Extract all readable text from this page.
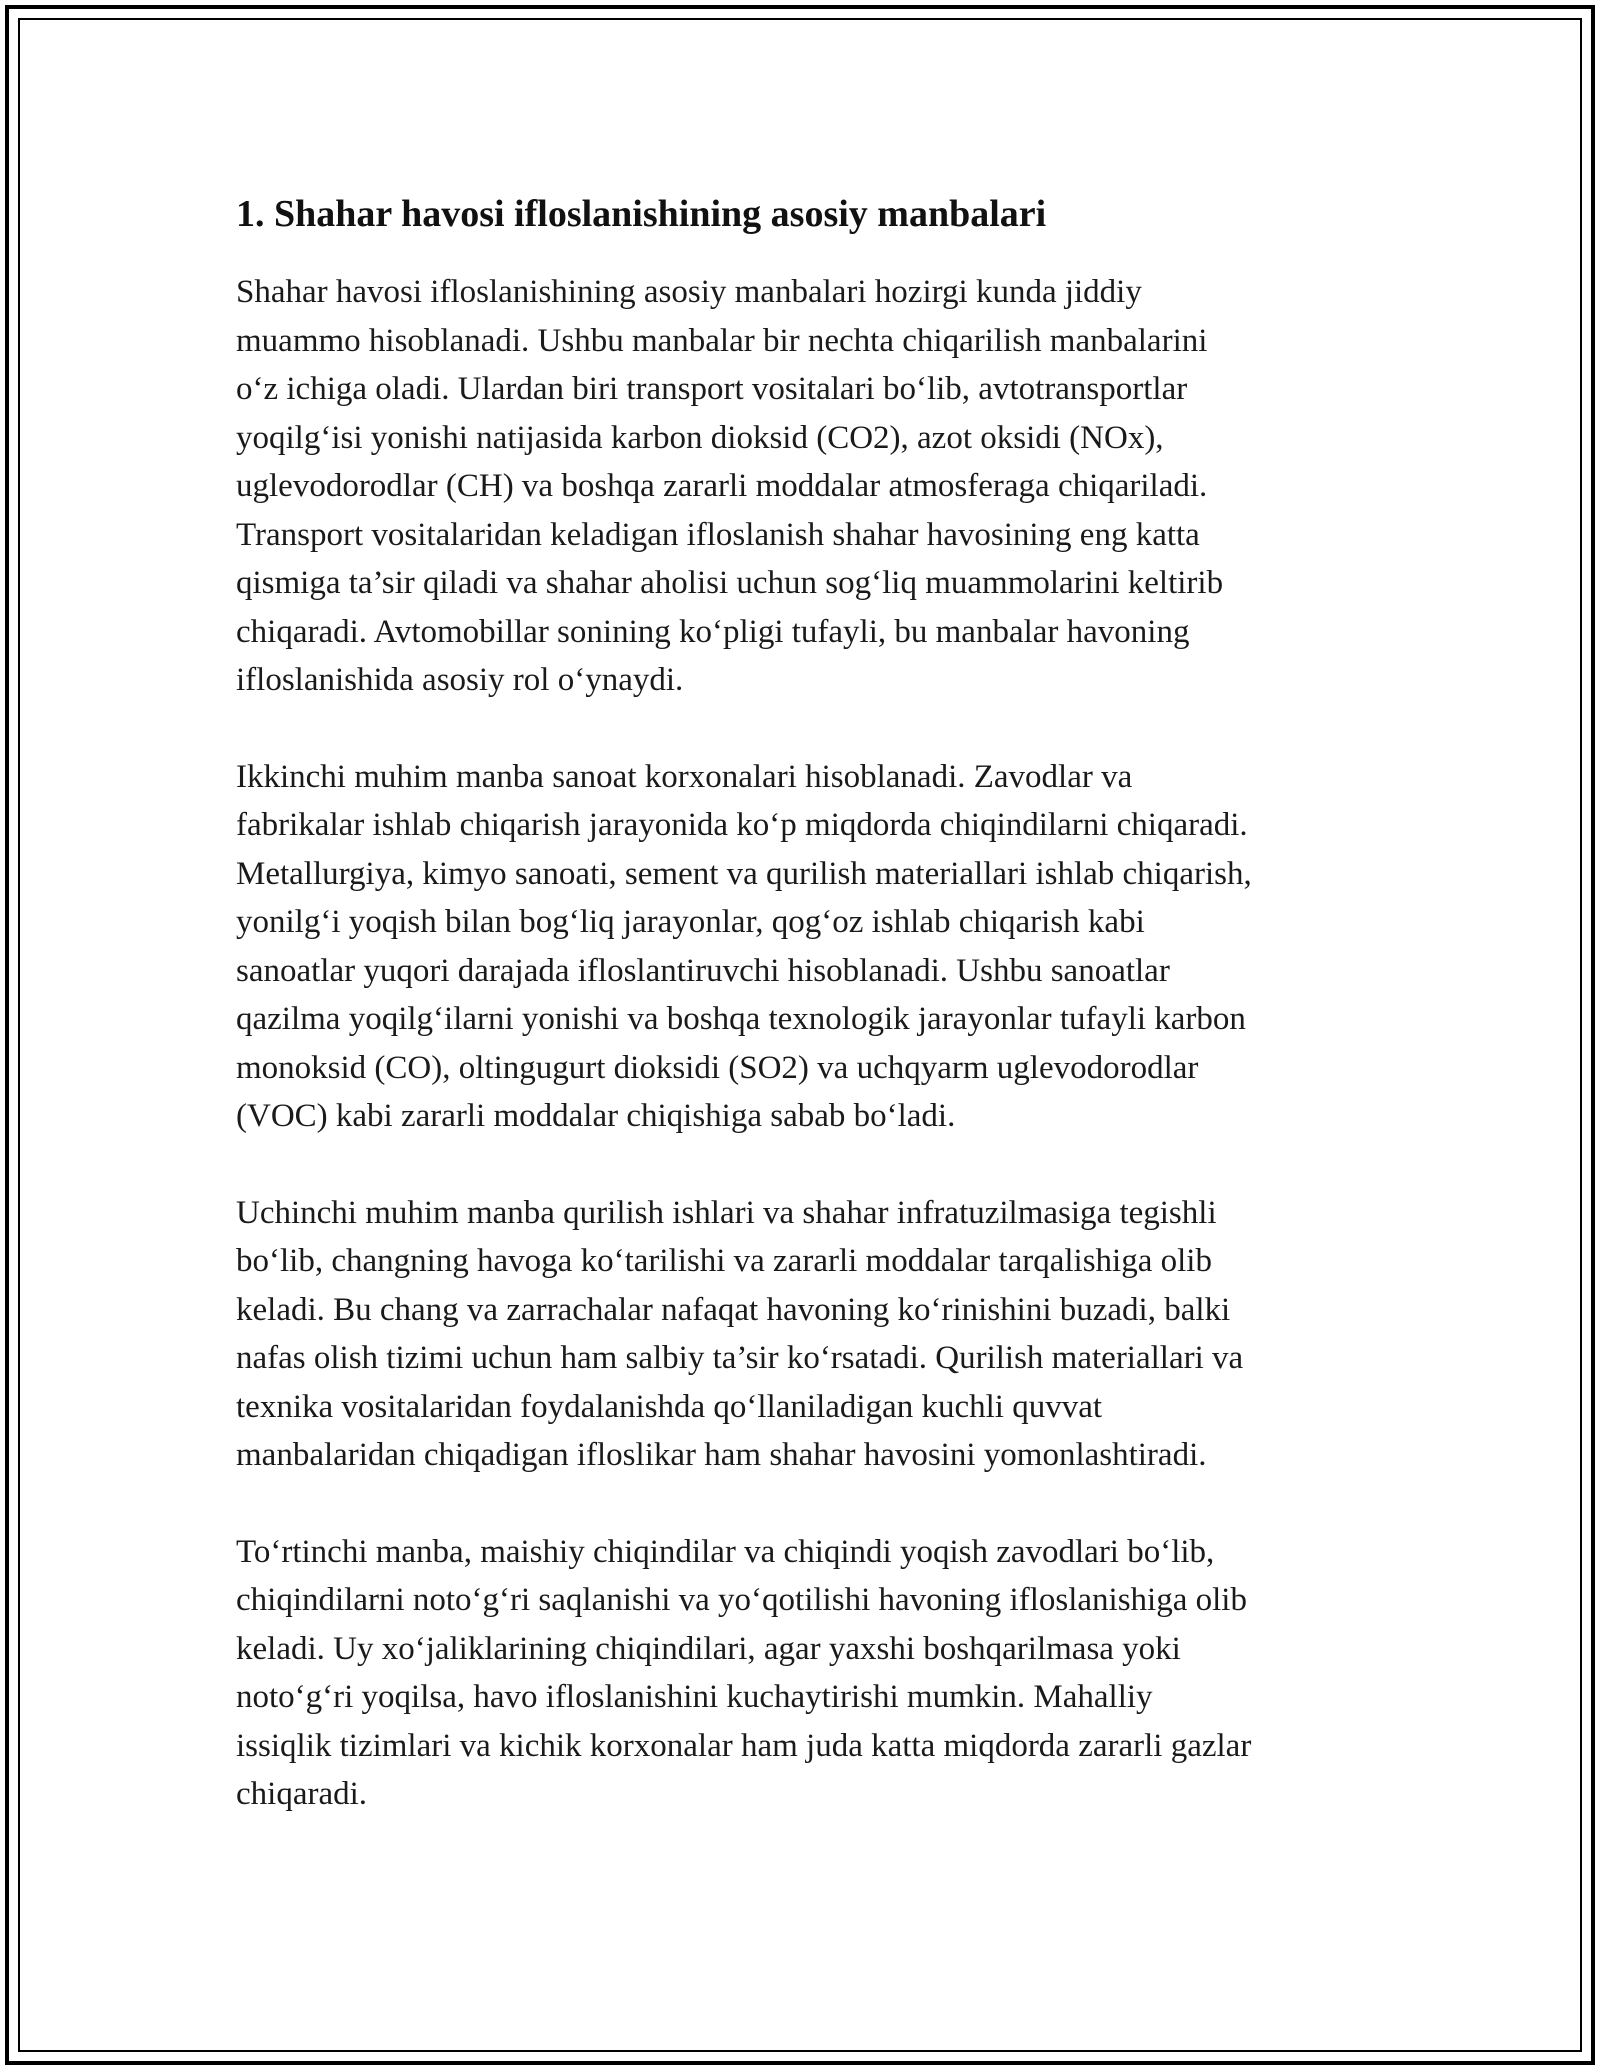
1. Shahar havosi ifloslanishining asosiy manbalari

Shahar havosi ifloslanishining asosiy manbalari hozirgi kunda jiddiy
muammo hisoblanadi. Ushbu manbalar bir nechta chiqarilish manbalarini
o‘z ichiga oladi. Ulardan biri transport vositalari bo‘lib, avtotransportlar
yoqilg‘isi yonishi natijasida karbon dioksid (CO2), azot oksidi (NOx),
uglevodorodlar (CH) va boshqa zararli moddalar atmosferaga chiqariladi.
Transport vositalaridan keladigan ifloslanish shahar havosining eng katta
qismiga ta’sir qiladi va shahar aholisi uchun sog‘liq muammolarini keltirib
chiqaradi. Avtomobillar sonining ko‘pligi tufayli, bu manbalar havoning
ifloslanishida asosiy rol o‘ynaydi.

Ikkinchi muhim manba sanoat korxonalari hisoblanadi. Zavodlar va
fabrikalar ishlab chiqarish jarayonida ko‘p miqdorda chiqindilarni chiqaradi.
Metallurgiya, kimyo sanoati, sement va qurilish materiallari ishlab chiqarish,
yonilg‘i yoqish bilan bog‘liq jarayonlar, qog‘oz ishlab chiqarish kabi
sanoatlar yuqori darajada ifloslantiruvchi hisoblanadi. Ushbu sanoatlar
qazilma yoqilg‘ilarni yonishi va boshqa texnologik jarayonlar tufayli karbon
monoksid (CO), oltingugurt dioksidi (SO2) va uchqyarm uglevodorodlar
(VOC) kabi zararli moddalar chiqishiga sabab bo‘ladi.

Uchinchi muhim manba qurilish ishlari va shahar infratuzilmasiga tegishli
bo‘lib, changning havoga ko‘tarilishi va zararli moddalar tarqalishiga olib
keladi. Bu chang va zarrachalar nafaqat havoning ko‘rinishini buzadi, balki
nafas olish tizimi uchun ham salbiy ta’sir ko‘rsatadi. Qurilish materiallari va
texnika vositalaridan foydalanishda qo‘llaniladigan kuchli quvvat
manbalaridan chiqadigan ifloslikar ham shahar havosini yomonlashtiradi.

To‘rtinchi manba, maishiy chiqindilar va chiqindi yoqish zavodlari bo‘lib,
chiqindilarni noto‘g‘ri saqlanishi va yo‘qotilishi havoning ifloslanishiga olib
keladi. Uy xo‘jaliklarining chiqindilari, agar yaxshi boshqarilmasa yoki
noto‘g‘ri yoqilsa, havo ifloslanishini kuchaytirishi mumkin. Mahalliy
issiqlik tizimlari va kichik korxonalar ham juda katta miqdorda zararli gazlar
chiqaradi.
